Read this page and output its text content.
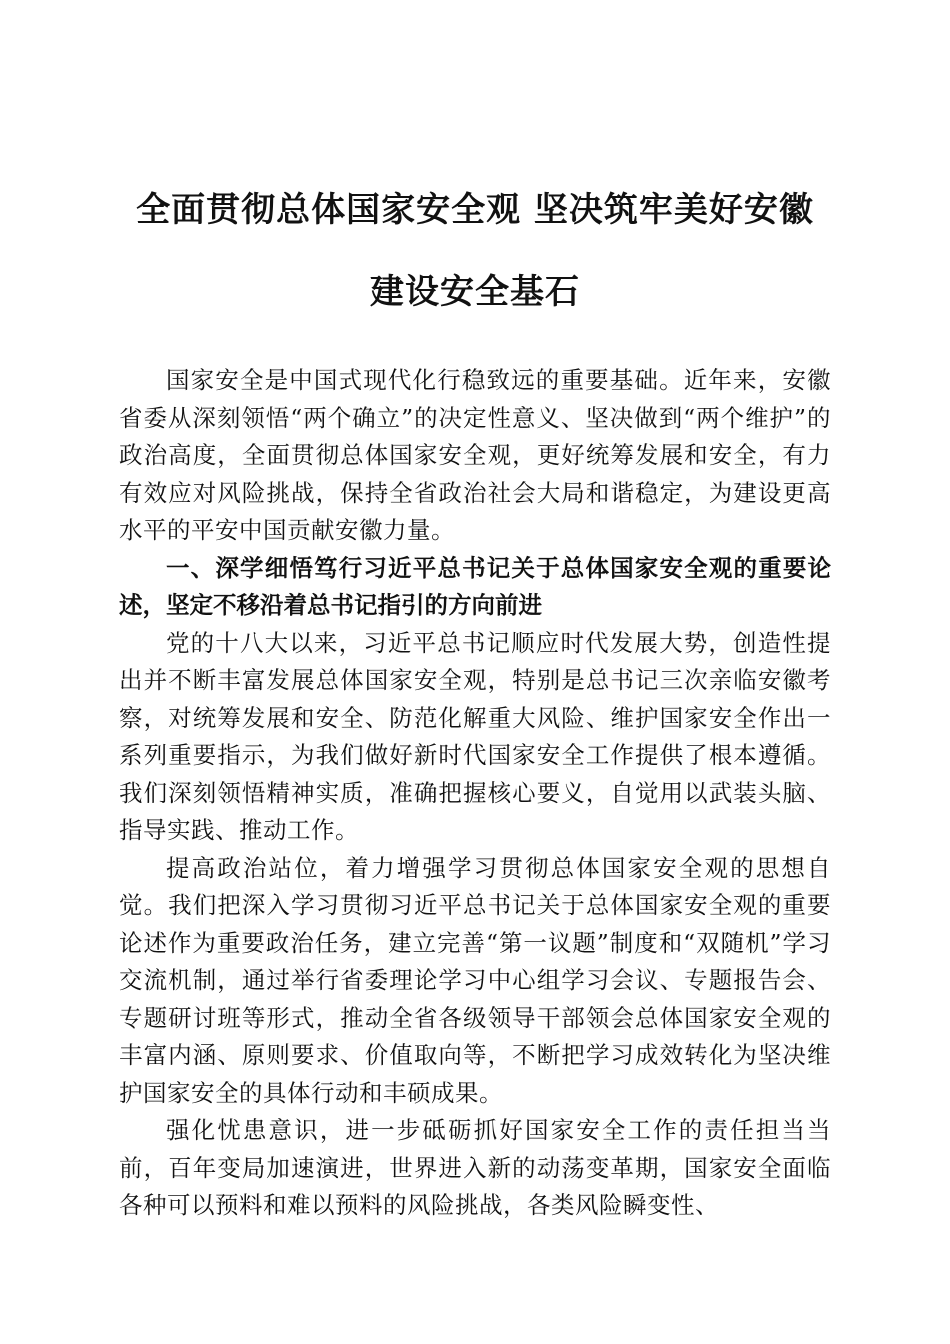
全面贯彻总体国家安全观 坚决筑牢美好安徽
建设安全基石

国家安全是中国式现代化行稳致远的重要基础。近年来，安徽省委从深刻领悟“两个确立”的决定性意义、坚决做到“两个维护”的政治高度，全面贯彻总体国家安全观，更好统筹发展和安全，有力有效应对风险挑战，保持全省政治社会大局和谐稳定，为建设更高水平的平安中国贡献安徽力量。

一、深学细悟笃行习近平总书记关于总体国家安全观的重要论述，坚定不移沿着总书记指引的方向前进

党的十八大以来，习近平总书记顺应时代发展大势，创造性提出并不断丰富发展总体国家安全观，特别是总书记三次亲临安徽考察，对统筹发展和安全、防范化解重大风险、维护国家安全作出一系列重要指示，为我们做好新时代国家安全工作提供了根本遵循。我们深刻领悟精神实质，准确把握核心要义，自觉用以武装头脑、指导实践、推动工作。

提高政治站位，着力增强学习贯彻总体国家安全观的思想自觉。我们把深入学习贯彻习近平总书记关于总体国家安全观的重要论述作为重要政治任务，建立完善“第一议题”制度和“双随机”学习交流机制，通过举行省委理论学习中心组学习会议、专题报告会、专题研讨班等形式，推动全省各级领导干部领会总体国家安全观的丰富内涵、原则要求、价值取向等，不断把学习成效转化为坚决维护国家安全的具体行动和丰硕成果。

强化忧患意识，进一步砥砺抓好国家安全工作的责任担当当前，百年变局加速演进，世界进入新的动荡变革期，国家安全面临各种可以预料和难以预料的风险挑战，各类风险瞬变性、
